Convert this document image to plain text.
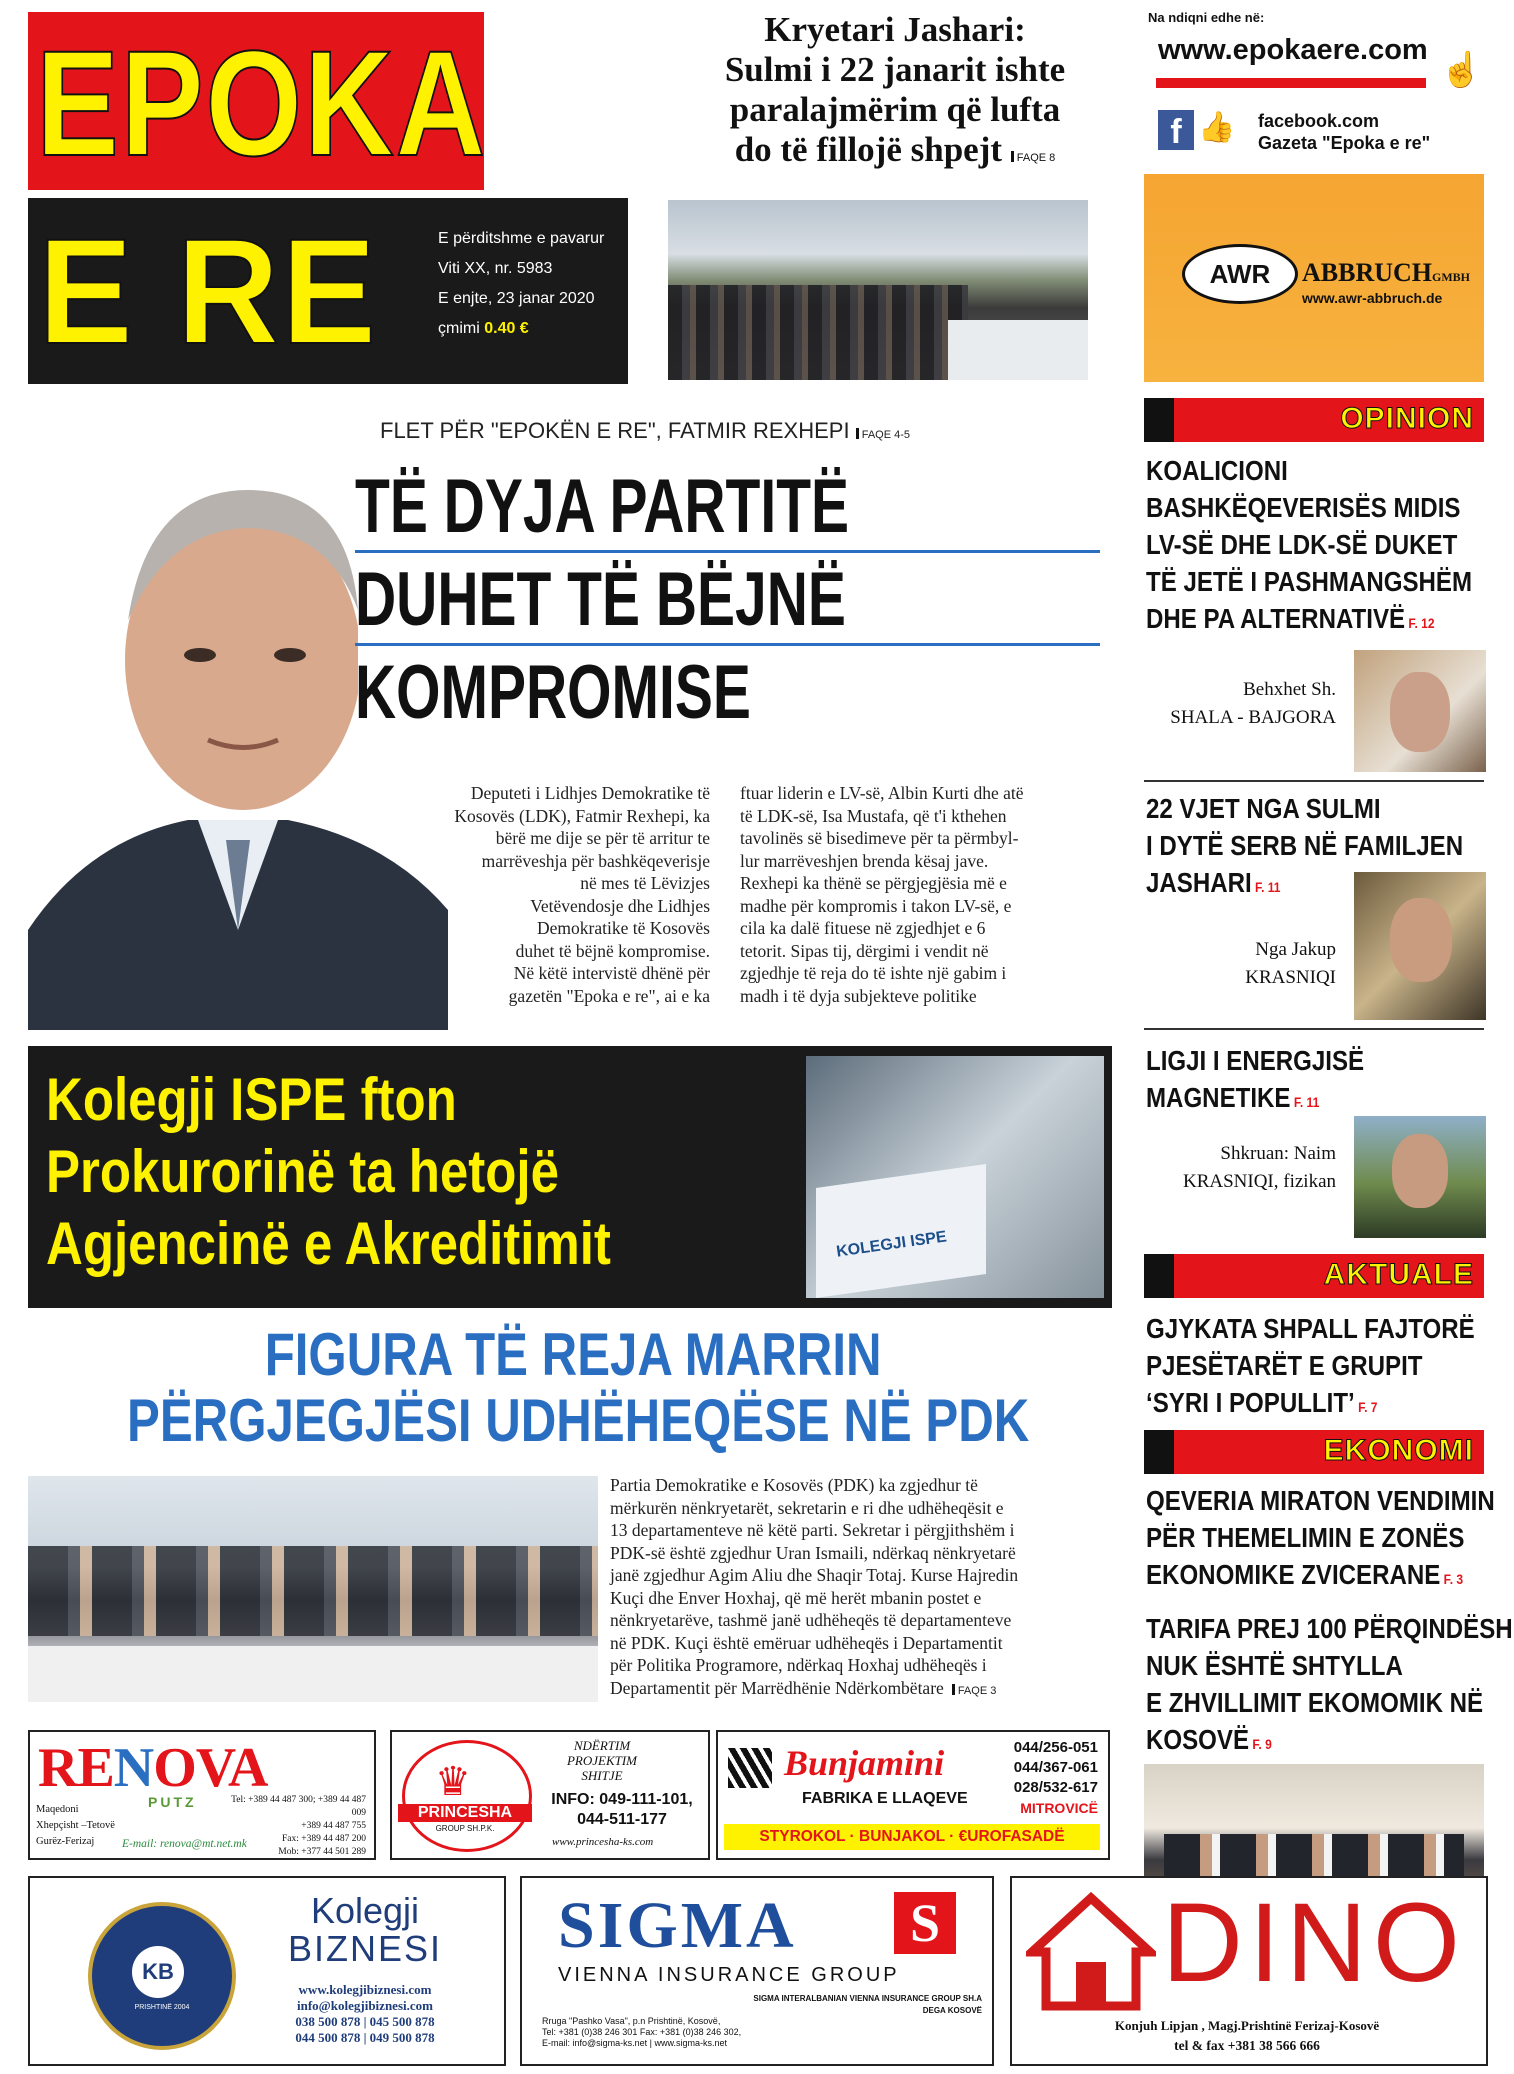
EPOKA
E RE	E përditshme e pavarur
Viti XX, nr. 5983
E enjte, 23 janar 2020
çmimi 0.40 €
Kryetari Jashari:
Sulmi i 22 janarit ishte
paralajmërim që lufta
do të fillojë shpejt FAQE 8
Na ndiqni edhe në:
www.epokaere.com
☝
f 👍 facebook.com
Gazeta "Epoka e re"
AWR	ABBRUCHGMBH
www.awr-abbruch.de
FLET PËR "EPOKËN E RE", FATMIR REXHEPI FAQE 4-5
TË DYJA PARTITË
DUHET TË BËJNË
KOMPROMISE
Deputeti i Lidhjes Demokratike të
Kosovës (LDK), Fatmir Rexhepi, ka
bërë me dije se për të arritur te
marrëveshja për bashkëqeverisje
në mes të Lëvizjes
Vetëvendosje dhe Lidhjes
Demokratike të Kosovës
duhet të bëjnë kompromise.
Në këtë intervistë dhënë për
gazetën "Epoka e re", ai e ka
ftuar liderin e LV-së, Albin Kurti dhe atë
të LDK-së, Isa Mustafa, që t'i kthehen
tavolinës së bisedimeve për ta përmbyl-
lur marrëveshjen brenda kësaj jave.
Rexhepi ka thënë se përgjegjësia më e
madhe për kompromis i takon LV-së, e
cila ka dalë fituese në zgjedhjet e 6
tetorit. Sipas tij, dërgimi i vendit në
zgjedhje të reja do të ishte një gabim i
madh i të dyja subjekteve politike
Kolegji ISPE fton
Prokurorinë ta hetojë
Agjencinë e Akreditimit	KOLEGJI ISPE
FIGURA TË REJA MARRIN PËRGJEGJËSI UDHËHEQËSE NË PDK
Partia Demokratike e Kosovës (PDK) ka zgjedhur të
mërkurën nënkryetarët, sekretarin e ri dhe udhëheqësit e
13 departamenteve në këtë parti. Sekretar i përgjithshëm i
PDK-së është zgjedhur Uran Ismaili, ndërkaq nënkryetarë
janë zgjedhur Agim Aliu dhe Shaqir Totaj. Kurse Hajredin
Kuçi dhe Enver Hoxhaj, që më herët mbanin postet e
nënkryetarëve, tashmë janë udhëheqës të departamenteve
në PDK. Kuçi është emëruar udhëheqës i Departamentit
për Politika Programore, ndërkaq Hoxhaj udhëheqës i
Departamentit për Marrëdhënie Ndërkombëtare FAQE 3
OPINION
KOALICIONI
BASHKËQEVERISËS MIDIS
LV-SË DHE LDK-SË DUKET
TË JETË I PASHMANGSHËM
DHE PA ALTERNATIVË F. 12
Behxhet Sh.
SHALA - BAJGORA
22 VJET NGA SULMI
I DYTË SERB NË FAMILJEN
JASHARI F. 11
Nga Jakup
KRASNIQI
LIGJI I ENERGJISË
MAGNETIKE F. 11
Shkruan: Naim
KRASNIQI, fizikan
AKTUALE
GJYKATA SHPALL FAJTORË
PJESËTARËT E GRUPIT
‘SYRI I POPULLIT’ F. 7
EKONOMI
QEVERIA MIRATON VENDIMIN
PËR THEMELIMIN E ZONËS
EKONOMIKE ZVICERANE F. 3
TARIFA PREJ 100 PËRQINDËSH
NUK ËSHTË SHTYLLA
E ZHVILLIMIT EKOMOMIK NË
KOSOVË F. 9
RENOVA
PUTZ
Maqedoni
Xhepçisht –Tetovë
Gurëz-Ferizaj
Tel: +389 44 487 300; +389 44 487 009
+389 44 487 755
Fax: +389 44 487 200
Mob: +377 44 501 289
E-mail: renova@mt.net.mk
♛
PRINCESHA
GROUP SH.P.K.
NDËRTIM
PROJEKTIM
SHITJE
INFO: 049-111-101,
044-511-177
www.princesha-ks.com
Bunjamini
FABRIKA E LLAQEVE
044/256-051
044/367-061
028/532-617
MITROVICË
STYROKOL · BUNJAKOL · €UROFASADË
KB
PRISHTINË 2004
Kolegji
BIZNESI
www.kolegjibiznesi.com
info@kolegjibiznesi.com
038 500 878 | 045 500 878
044 500 878 | 049 500 878
SIGMA S
VIENNA INSURANCE GROUP
SIGMA INTERALBANIAN VIENNA INSURANCE GROUP SH.A
DEGA KOSOVË
Rruga "Pashko Vasa", p.n Prishtinë, Kosovë,
Tel: +381 (0)38 246 301 Fax: +381 (0)38 246 302,
E-mail: info@sigma-ks.net | www.sigma-ks.net
DINO
Konjuh Lipjan , Magj.Prishtinë Ferizaj-Kosovë
tel & fax +381 38 566 666
